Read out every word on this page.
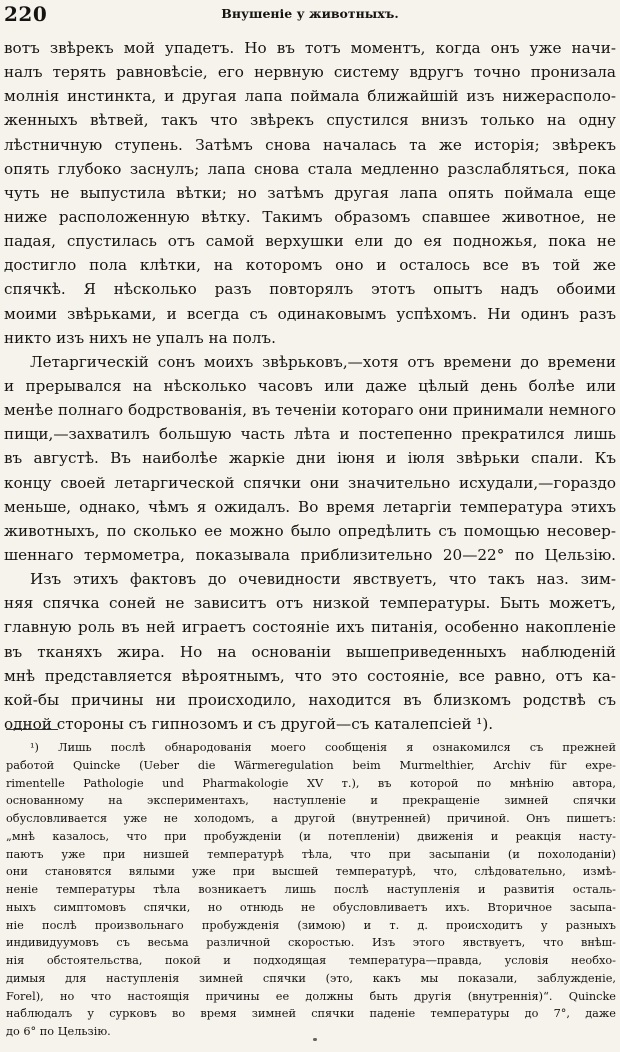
220	Внушеніе у животныхъ.
вотъ звѣрекъ мой упадетъ. Но въ тотъ моментъ, когда онъ уже начи-
налъ терять равновѣсіе, его нервную систему вдругъ точно пронизала
молнія инстинкта, и другая лапа поймала ближайшій изъ нижерасполо-
женныхъ вѣтвей, такъ что звѣрекъ спустился внизъ только на одну
лѣстничную ступень. Затѣмъ снова началась та же исторія; звѣрекъ
опять глубоко заснулъ; лапа снова стала медленно разслабляться, пока
чуть не выпустила вѣтки; но затѣмъ другая лапа опять поймала еще
ниже расположенную вѣтку. Такимъ образомъ спавшее животное, не
падая, спустилась отъ самой верхушки ели до ея подножья, пока не
достигло пола клѣтки, на которомъ оно и осталось все въ той же
спячкѣ. Я нѣсколько разъ повторялъ этотъ опытъ надъ обоими
моими звѣрьками, и всегда съ одинаковымъ успѣхомъ. Ни одинъ разъ
никто изъ нихъ не упалъ на полъ.
Летаргическій сонъ моихъ звѣрьковъ,—хотя отъ времени до времени
и прерывался на нѣсколько часовъ или даже цѣлый день болѣе или
менѣе полнаго бодрствованія, въ теченіи котораго они принимали немного
пищи,—захватилъ большую часть лѣта и постепенно прекратился лишь
въ августѣ. Въ наиболѣе жаркіе дни іюня и іюля звѣрьки спали. Къ
концу своей летаргической спячки они значительно исхудали,—гораздо
меньше, однако, чѣмъ я ожидалъ. Во время летаргіи температура этихъ
животныхъ, по сколько ее можно было опредѣлить съ помощью несовер-
шеннаго термометра, показывала приблизительно 20—22° по Цельзію.
Изъ этихъ фактовъ до очевидности явствуетъ, что такъ наз. зим-
няя спячка соней не зависитъ отъ низкой температуры. Быть можетъ,
главную роль въ ней играетъ состояніе ихъ питанія, особенно накопленіе
въ тканяхъ жира. Но на основаніи вышеприведенныхъ наблюденій
мнѣ представляется вѣроятнымъ, что это состояніе, все равно, отъ ка-
кой-бы причины ни происходило, находится въ близкомъ родствѣ съ
одной стороны съ гипнозомъ и съ другой—съ каталепсіей ¹).
¹) Лишь послѣ обнародованія моего сообщенія я ознакомился съ прежней
работой Quincke (Ueber die Wärmeregulation beim Murmelthier, Archiv für expe-
rimentelle Pathologie und Pharmakologie XV т.), въ которой по мнѣнію автора,
основанному на экспериментахъ, наступленіе и прекращеніе зимней спячки
обусловливается уже не холодомъ, а другой (внутренней) причиной. Онъ пишетъ:
„мнѣ казалось, что при пробужденіи (и потепленіи) движенія и реакція насту-
паютъ уже при низшей температурѣ тѣла, что при засыпаніи (и похолоданіи)
они становятся вялыми уже при высшей температурѣ, что, слѣдовательно, измѣ-
неніе температуры тѣла возникаетъ лишь послѣ наступленія и развитія осталь-
ныхъ симптомовъ спячки, но отнюдь не обусловливаетъ ихъ. Вторичное засыпа-
ніе послѣ произвольнаго пробужденія (зимою) и т. д. происходитъ у разныхъ
индивидуумовъ съ весьма различной скоростью. Изъ этого явствуетъ, что внѣш-
нія обстоятельства, покой и подходящая температура—правда, условія необхо-
димыя для наступленія зимней спячки (это, какъ мы показали, заблужденіе,
Forel), но что настоящія причины ее должны быть другія (внутреннія)“. Quincke
наблюдалъ у сурковъ во время зимней спячки паденіе температуры до 7°, даже
до 6° по Цельзію.
